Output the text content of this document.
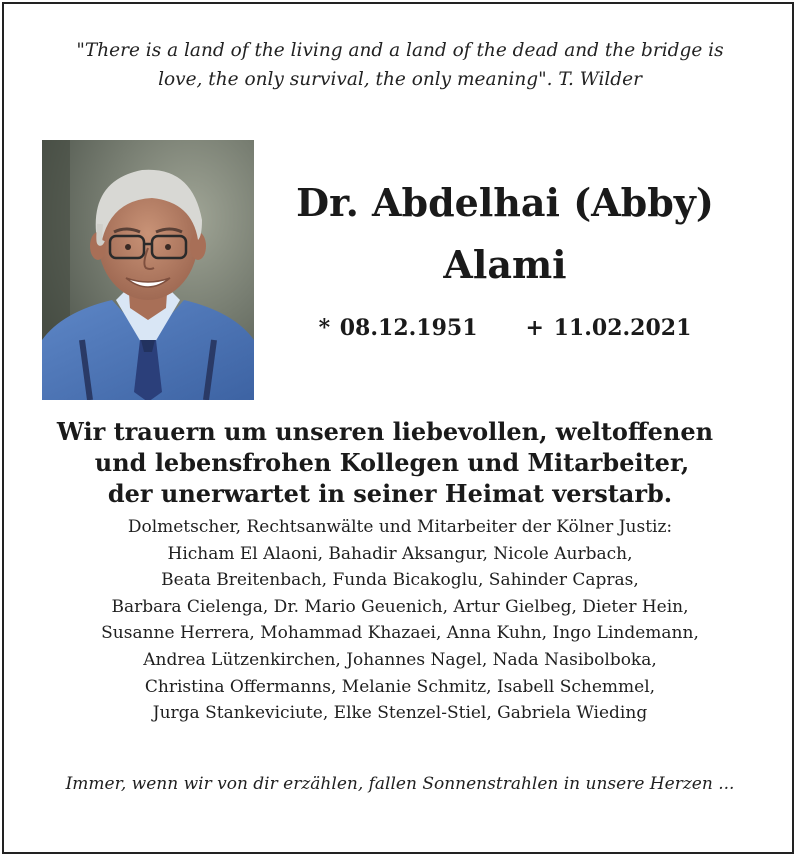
"There is a land of the living and a land of the dead and the bridge is
love, the only survival, the only meaning". T. Wilder
Dr. Abdelhai (Abby)
Alami
* 08.12.1951 + 11.02.2021
Wir trauern um unseren liebevollen, weltoffenen
und lebensfrohen Kollegen und Mitarbeiter,
der unerwartet in seiner Heimat verstarb.
Dolmetscher, Rechtsanwälte und Mitarbeiter der Kölner Justiz:
Hicham El Alaoni, Bahadir Aksangur, Nicole Aurbach,
Beata Breitenbach, Funda Bicakoglu, Sahinder Capras,
Barbara Cielenga, Dr. Mario Geuenich, Artur Gielbeg, Dieter Hein,
Susanne Herrera, Mohammad Khazaei, Anna Kuhn, Ingo Lindemann,
Andrea Lützenkirchen, Johannes Nagel, Nada Nasibolboka,
Christina Offermanns, Melanie Schmitz, Isabell Schemmel,
Jurga Stankeviciute, Elke Stenzel-Stiel, Gabriela Wieding
Immer, wenn wir von dir erzählen, fallen Sonnenstrahlen in unsere Herzen ...
